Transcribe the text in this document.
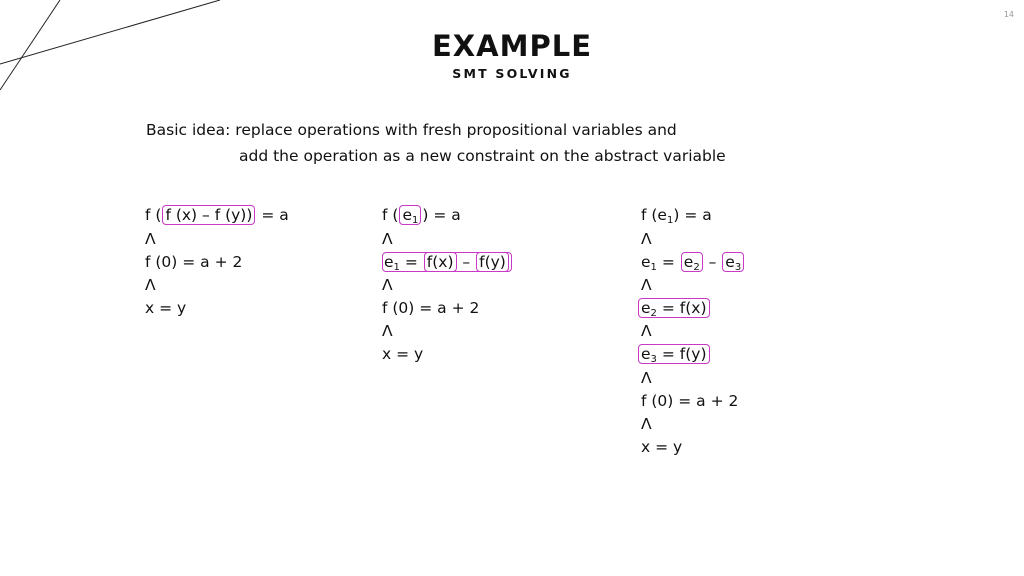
14
EXAMPLE
SMT SOLVING
Basic idea: replace operations with fresh propositional variables and
add the operation as a new constraint on the abstract variable
f ( f (x) – f (y)) = a
Λ
f (0) = a + 2
Λ
x = y
f ( $e_1$ ) = a
Λ
$e_1 = f(x) - f(y)$
Λ
f (0) = a + 2
Λ
x = y
f $(e_1) = a$
Λ
$e_1 = e_2 - e_3$
Λ
$e_2 = f(x)$
Λ
$e_3 = f(y)$
Λ
f (0) = a + 2
Λ
x = y
